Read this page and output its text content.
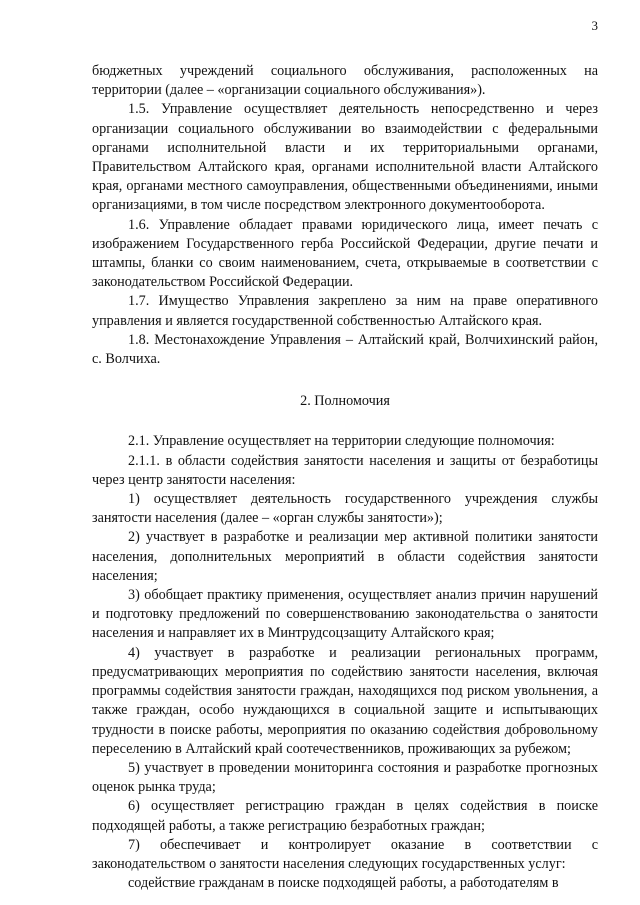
3

бюджетных учреждений социального обслуживания, расположенных на территории (далее – «организации социального обслуживания»).

1.5. Управление осуществляет деятельность непосредственно и через организации социального обслуживании во взаимодействии с федеральными органами исполнительной власти и их территориальными органами, Правительством Алтайского края, органами исполнительной власти Алтайского края, органами местного самоуправления, общественными объединениями, иными организациями, в том числе посредством электронного документооборота.

1.6. Управление обладает правами юридического лица, имеет печать с изображением Государственного герба Российской Федерации, другие печати и штампы, бланки со своим наименованием, счета, открываемые в соответствии с законодательством Российской Федерации.

1.7. Имущество Управления закреплено за ним на праве оперативного управления и является государственной собственностью Алтайского края.

1.8. Местонахождение Управления – Алтайский край, Волчихинский район, с. Волчиха.

2. Полномочия

2.1. Управление осуществляет на территории следующие полномочия:

2.1.1. в области содействия занятости населения и защиты от безработицы через центр занятости населения:

1) осуществляет деятельность государственного учреждения службы занятости населения (далее – «орган службы занятости»);

2) участвует в разработке и реализации мер активной политики занятости населения, дополнительных мероприятий в области содействия занятости населения;

3) обобщает практику применения, осуществляет анализ причин нарушений и подготовку предложений по совершенствованию законодательства о занятости населения и направляет их в Минтрудсоцзащиту Алтайского края;

4) участвует в разработке и реализации региональных программ, предусматривающих мероприятия по содействию занятости населения, включая программы содействия занятости граждан, находящихся под риском увольнения, а также граждан, особо нуждающихся в социальной защите и испытывающих трудности в поиске работы, мероприятия по оказанию содействия добровольному переселению в Алтайский край соотечественников, проживающих за рубежом;

5) участвует в проведении мониторинга состояния и разработке прогнозных оценок рынка труда;

6) осуществляет регистрацию граждан в целях содействия в поиске подходящей работы, а также регистрацию безработных граждан;

7) обеспечивает и контролирует оказание в соответствии с законодательством о занятости населения следующих государственных услуг:

содействие гражданам в поиске подходящей работы, а работодателям в
